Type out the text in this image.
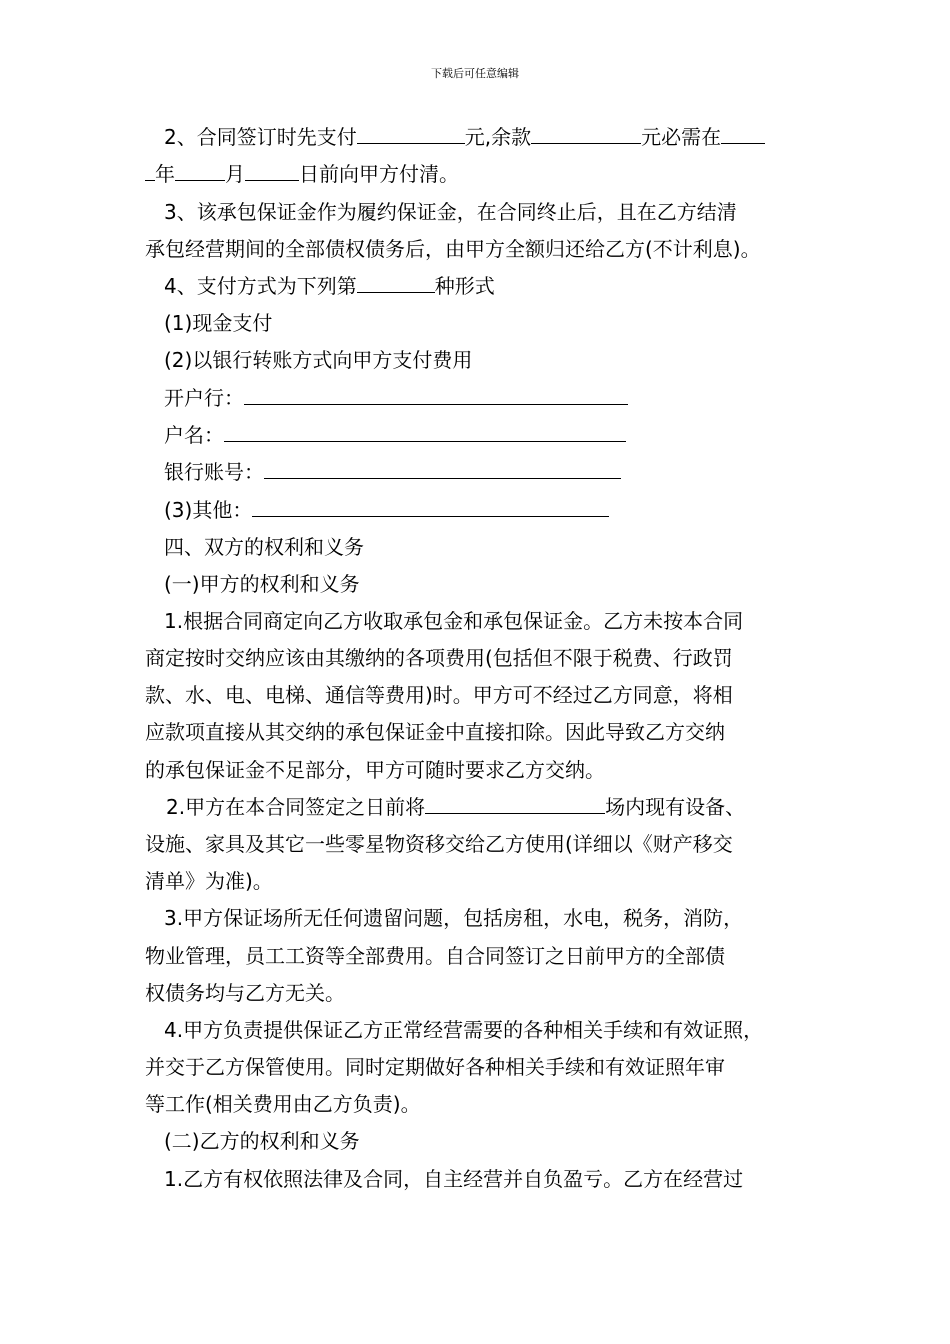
下载后可任意编辑
2、合同签订时先支付	元,余款	元必需在
年	月	日前向甲方付清。
3、该承包保证金作为履约保证金，在合同终止后，且在乙方结清
承包经营期间的全部债权债务后，由甲方全额归还给乙方(不计利息)。
4、支付方式为下列第	种形式
(1)现金支付
(2)以银行转账方式向甲方支付费用
开户行：
户名：
银行账号：
(3)其他：
四、双方的权利和义务
(一)甲方的权利和义务
1.根据合同商定向乙方收取承包金和承包保证金。乙方未按本合同
商定按时交纳应该由其缴纳的各项费用(包括但不限于税费、行政罚
款、水、电、电梯、通信等费用)时。甲方可不经过乙方同意，将相
应款项直接从其交纳的承包保证金中直接扣除。因此导致乙方交纳
的承包保证金不足部分，甲方可随时要求乙方交纳。
2.甲方在本合同签定之日前将	场内现有设备、
设施、家具及其它一些零星物资移交给乙方使用(详细以《财产移交
清单》为准)。
3.甲方保证场所无任何遗留问题，包括房租，水电，税务，消防，
物业管理，员工工资等全部费用。自合同签订之日前甲方的全部债
权债务均与乙方无关。
4.甲方负责提供保证乙方正常经营需要的各种相关手续和有效证照，
并交于乙方保管使用。同时定期做好各种相关手续和有效证照年审
等工作(相关费用由乙方负责)。
(二)乙方的权利和义务
1.乙方有权依照法律及合同，自主经营并自负盈亏。乙方在经营过
